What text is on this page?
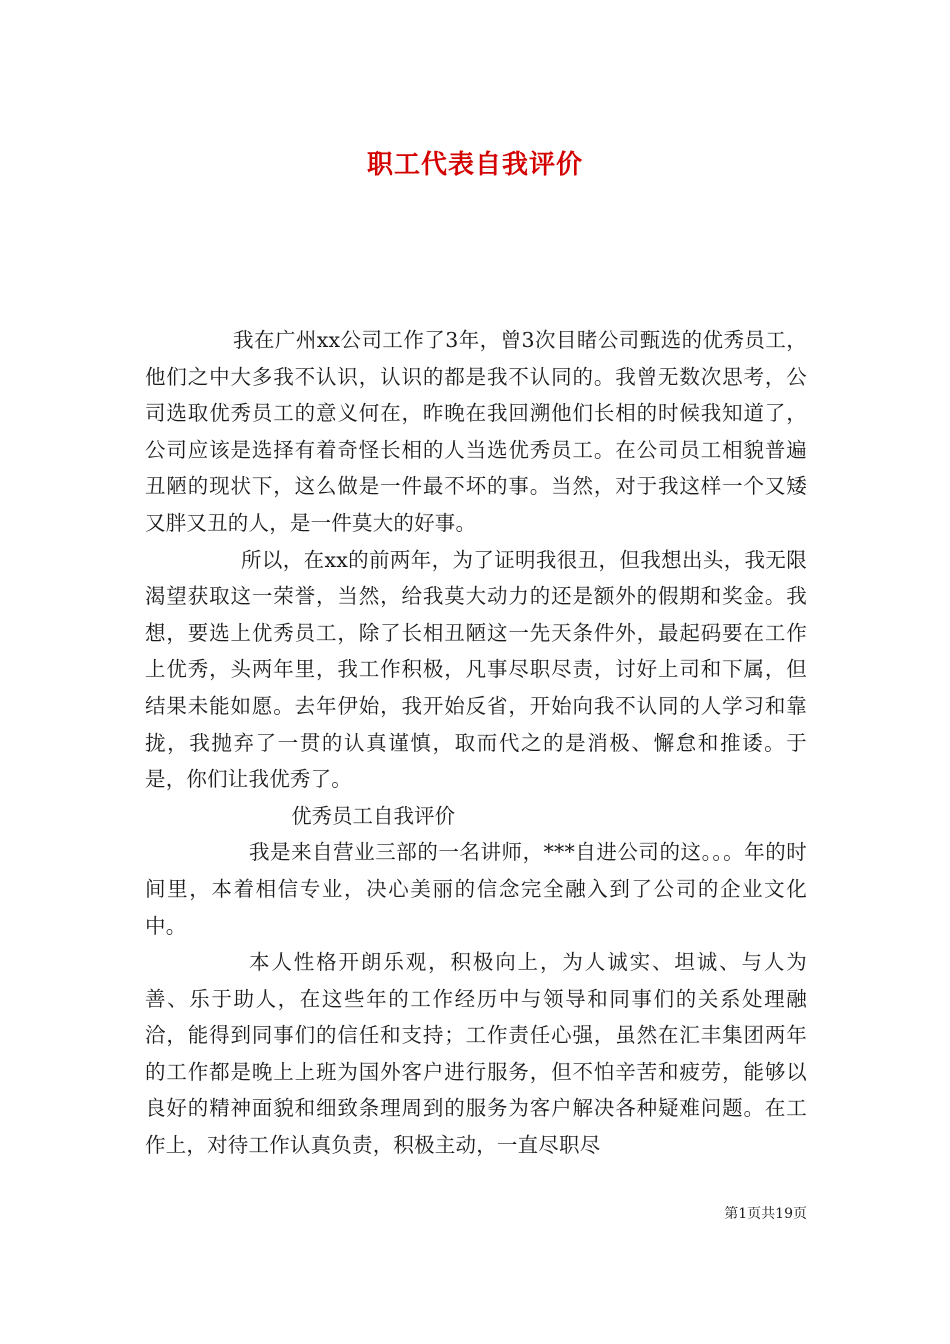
职工代表自我评价

我在广州xx公司工作了3年，曾3次目睹公司甄选的优秀员工，他们之中大多我不认识，认识的都是我不认同的。我曾无数次思考，公司选取优秀员工的意义何在，昨晚在我回溯他们长相的时候我知道了，公司应该是选择有着奇怪长相的人当选优秀员工。在公司员工相貌普遍丑陋的现状下，这么做是一件最不坏的事。当然，对于我这样一个又矮又胖又丑的人，是一件莫大的好事。

所以，在xx的前两年，为了证明我很丑，但我想出头，我无限渴望获取这一荣誉，当然，给我莫大动力的还是额外的假期和奖金。我想，要选上优秀员工，除了长相丑陋这一先天条件外，最起码要在工作上优秀，头两年里，我工作积极，凡事尽职尽责，讨好上司和下属，但结果未能如愿。去年伊始，我开始反省，开始向我不认同的人学习和靠拢，我抛弃了一贯的认真谨慎，取而代之的是消极、懈怠和推诿。于是，你们让我优秀了。

优秀员工自我评价

我是来自营业三部的一名讲师，***自进公司的这。。。年的时间里，本着相信专业，决心美丽的信念完全融入到了公司的企业文化中。

本人性格开朗乐观，积极向上，为人诚实、坦诚、与人为善、乐于助人，在这些年的工作经历中与领导和同事们的关系处理融洽，能得到同事们的信任和支持；工作责任心强，虽然在汇丰集团两年的工作都是晚上上班为国外客户进行服务，但不怕辛苦和疲劳，能够以良好的精神面貌和细致条理周到的服务为客户解决各种疑难问题。在工作上，对待工作认真负责，积极主动，一直尽职尽

第1页共19页
